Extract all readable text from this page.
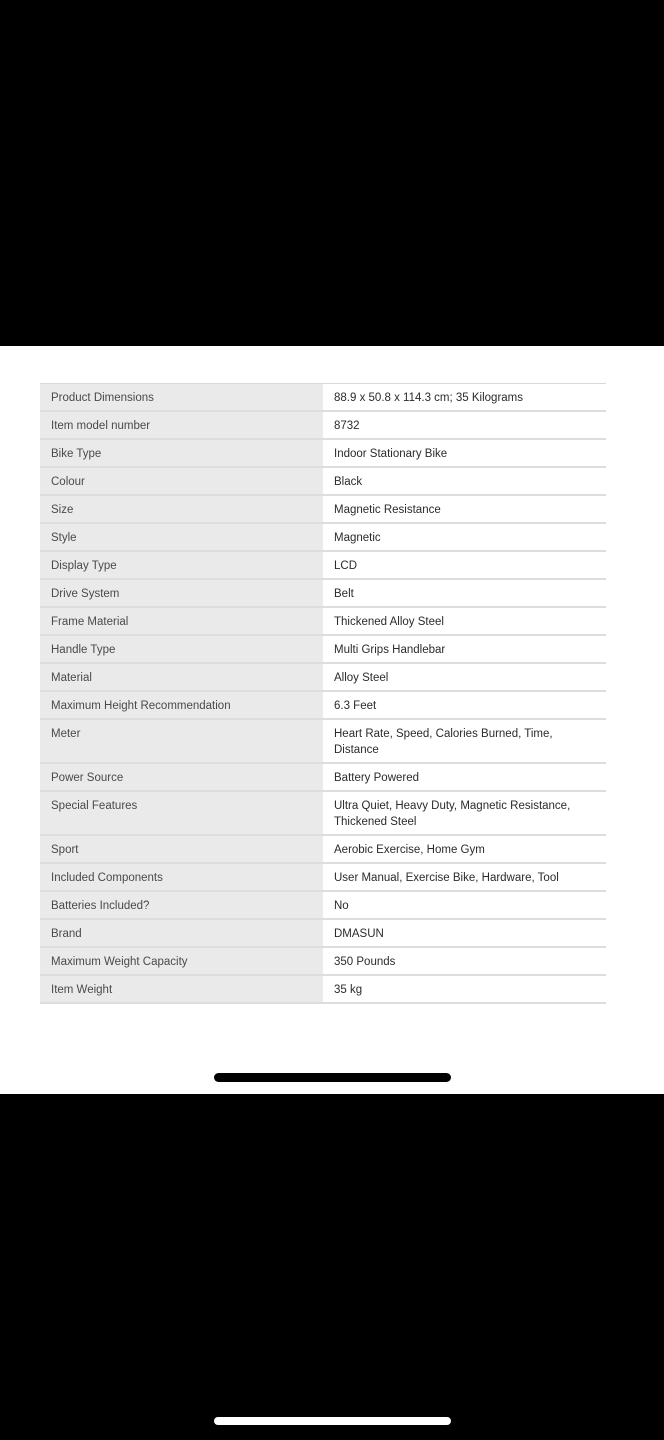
Product Dimensions	88.9 x 50.8 x 114.3 cm; 35 Kilograms
Item model number	8732
Bike Type	Indoor Stationary Bike
Colour	Black
Size	Magnetic Resistance
Style	Magnetic
Display Type	LCD
Drive System	Belt
Frame Material	Thickened Alloy Steel
Handle Type	Multi Grips Handlebar
Material	Alloy Steel
Maximum Height Recommendation	6.3 Feet
Meter	Heart Rate, Speed, Calories Burned, Time, Distance
Power Source	Battery Powered
Special Features	Ultra Quiet, Heavy Duty, Magnetic Resistance, Thickened Steel
Sport	Aerobic Exercise, Home Gym
Included Components	User Manual, Exercise Bike, Hardware, Tool
Batteries Included?	No
Brand	DMASUN
Maximum Weight Capacity	350 Pounds
Item Weight	35 kg
